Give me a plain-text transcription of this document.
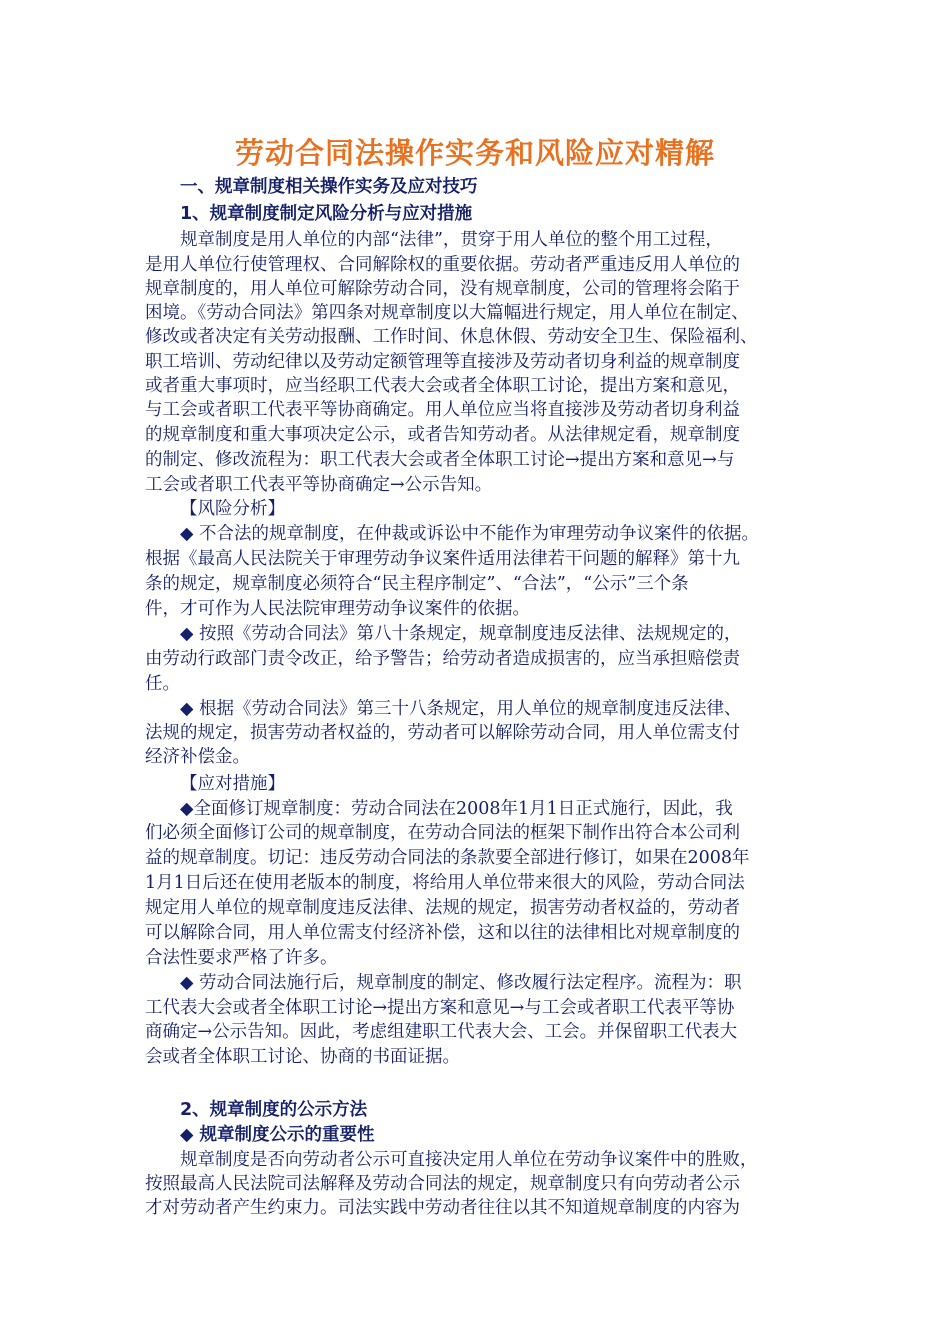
劳动合同法操作实务和风险应对精解
一、规章制度相关操作实务及应对技巧
1、规章制度制定风险分析与应对措施
规章制度是用人单位的内部“法律”，贯穿于用人单位的整个用工过程，
是用人单位行使管理权、合同解除权的重要依据。劳动者严重违反用人单位的
规章制度的，用人单位可解除劳动合同，没有规章制度，公司的管理将会陷于
困境。《劳动合同法》第四条对规章制度以大篇幅进行规定，用人单位在制定、
修改或者决定有关劳动报酬、工作时间、休息休假、劳动安全卫生、保险福利、
职工培训、劳动纪律以及劳动定额管理等直接涉及劳动者切身利益的规章制度
或者重大事项时，应当经职工代表大会或者全体职工讨论，提出方案和意见，
与工会或者职工代表平等协商确定。用人单位应当将直接涉及劳动者切身利益
的规章制度和重大事项决定公示，或者告知劳动者。从法律规定看，规章制度
的制定、修改流程为：职工代表大会或者全体职工讨论→提出方案和意见→与
工会或者职工代表平等协商确定→公示告知。
【风险分析】
◆ 不合法的规章制度，在仲裁或诉讼中不能作为审理劳动争议案件的依据。
根据《最高人民法院关于审理劳动争议案件适用法律若干问题的解释》第十九
条的规定，规章制度必须符合“民主程序制定”、“合法”，“公示”三个条
件，才可作为人民法院审理劳动争议案件的依据。
◆ 按照《劳动合同法》第八十条规定，规章制度违反法律、法规规定的，
由劳动行政部门责令改正，给予警告；给劳动者造成损害的，应当承担赔偿责
任。
◆ 根据《劳动合同法》第三十八条规定，用人单位的规章制度违反法律、
法规的规定，损害劳动者权益的，劳动者可以解除劳动合同，用人单位需支付
经济补偿金。
【应对措施】
◆全面修订规章制度：劳动合同法在2008年1月1日正式施行，因此，我
们必须全面修订公司的规章制度，在劳动合同法的框架下制作出符合本公司利
益的规章制度。切记：违反劳动合同法的条款要全部进行修订，如果在2008年
1月1日后还在使用老版本的制度，将给用人单位带来很大的风险，劳动合同法
规定用人单位的规章制度违反法律、法规的规定，损害劳动者权益的，劳动者
可以解除合同，用人单位需支付经济补偿，这和以往的法律相比对规章制度的
合法性要求严格了许多。
◆ 劳动合同法施行后，规章制度的制定、修改履行法定程序。流程为：职
工代表大会或者全体职工讨论→提出方案和意见→与工会或者职工代表平等协
商确定→公示告知。因此，考虑组建职工代表大会、工会。并保留职工代表大
会或者全体职工讨论、协商的书面证据。
2、规章制度的公示方法
◆ 规章制度公示的重要性
规章制度是否向劳动者公示可直接决定用人单位在劳动争议案件中的胜败，
按照最高人民法院司法解释及劳动合同法的规定，规章制度只有向劳动者公示
才对劳动者产生约束力。司法实践中劳动者往往以其不知道规章制度的内容为
